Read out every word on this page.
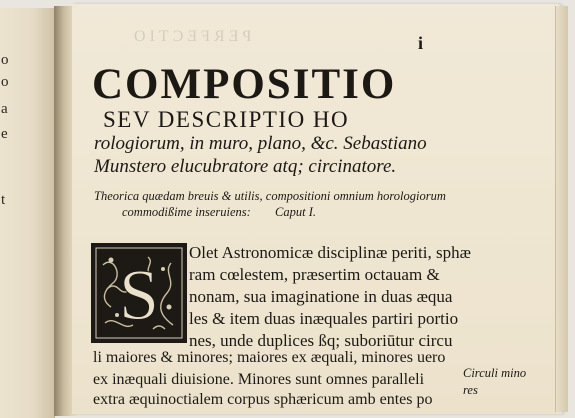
o
o
a
e
t
PERFECTIO	i
COMPOSITIO
SEV DESCRIPTIO HO
rologiorum, in muro, plano, &c. Sebastiano
Munstero elucubratore atq; circinatore.
Theorica quædam breuis & utilis, compositioni omnium horologiorum
commodißime inseruiens: Caput I.
S
Olet Astronomicæ disciplinæ periti, sphæ
ram cœlestem, præsertim octauam &
nonam, sua imaginatione in duas æqua
les & item duas inæquales partiri portio
nes, unde duplices ßq; suboriūtur circu
li maiores & minores; maiores ex æquali, minores uero
ex inæquali diuisione. Minores sunt omnes paralleli
extra æquinoctialem corpus sphæricum amb entes po
Circuli mino
res
